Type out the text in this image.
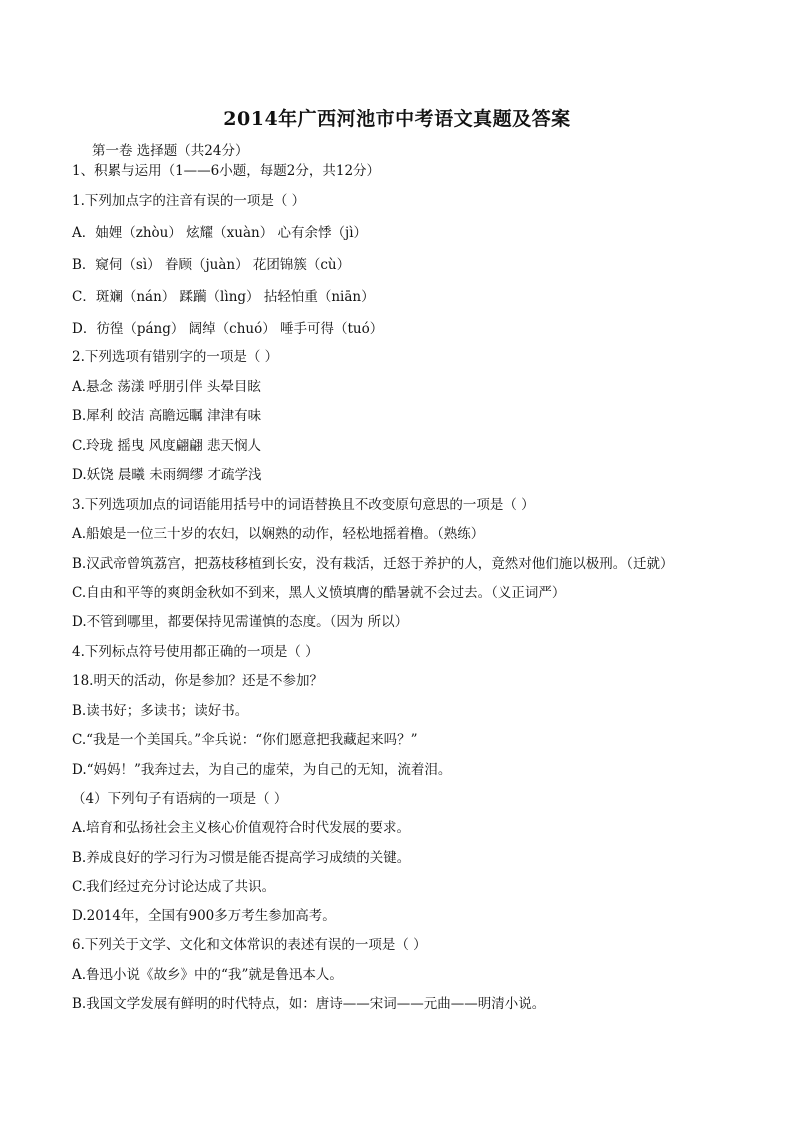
2014年广西河池市中考语文真题及答案
第一卷 选择题（共24分）
1、积累与运用（1——6小题，每题2分，共12分）
1.下列加点字的注音有误的一项是（ ）
A．妯娌（zhòu） 炫耀（xuàn） 心有余悸（jì）
B．窥伺（sì） 眷顾（juàn） 花团锦簇（cù）
C．斑斓（nán） 蹂躏（lìng） 拈轻怕重（niān）
D．彷徨（páng） 阔绰（chuó） 唾手可得（tuó）
2.下列选项有错别字的一项是（ ）
A.悬念 荡漾 呼朋引伴 头晕目眩
B.犀利 皎洁 高瞻远瞩 津津有味
C.玲珑 摇曳 风度翩翩 悲天悯人
D.妖饶 晨曦 未雨绸缪 才疏学浅
3.下列选项加点的词语能用括号中的词语替换且不改变原句意思的一项是（ ）
A.船娘是一位三十岁的农妇，以娴熟的动作，轻松地摇着橹。（熟练）
B.汉武帝曾筑荔宫，把荔枝移植到长安，没有栽活，迁怒于养护的人，竟然对他们施以极刑。（迁就）
C.自由和平等的爽朗金秋如不到来，黑人义愤填膺的酷暑就不会过去。（义正词严）
D.不管到哪里，都要保持见需谨慎的态度。（因为 所以）
4.下列标点符号使用都正确的一项是（ ）
18.明天的活动，你是参加？还是不参加？
B.读书好；多读书；读好书。
C.“我是一个美国兵。”伞兵说：“你们愿意把我藏起来吗？”
D.“妈妈！”我奔过去，为自己的虚荣，为自己的无知，流着泪。
（4）下列句子有语病的一项是（ ）
A.培育和弘扬社会主义核心价值观符合时代发展的要求。
B.养成良好的学习行为习惯是能否提高学习成绩的关键。
C.我们经过充分讨论达成了共识。
D.2014年，全国有900多万考生参加高考。
6.下列关于文学、文化和文体常识的表述有误的一项是（ ）
A.鲁迅小说《故乡》中的“我”就是鲁迅本人。
B.我国文学发展有鲜明的时代特点，如：唐诗——宋词——元曲——明清小说。
